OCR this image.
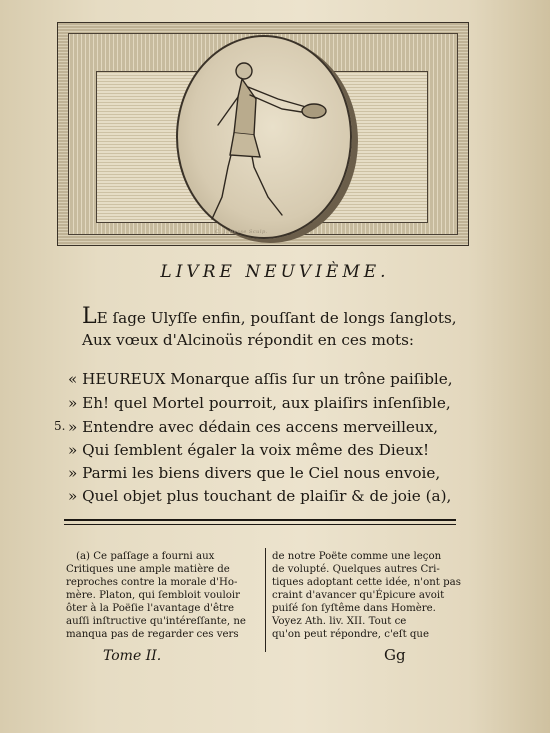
C. J. Besse Sculp.
LIVRE NEUVIÈME.
LE ſage Ulyſſe enfin, pouſſant de longs ſanglots,
Aux vœux d'Alcinoüs répondit en ces mots:
5.
« HEUREUX Monarque aſſis ſur un trône paiſible,
» Eh! quel Mortel pourroit, aux plaiſirs inſenſible,
» Entendre avec dédain ces accens merveilleux,
» Qui ſemblent égaler la voix même des Dieux!
» Parmi les biens divers que le Ciel nous envoie,
» Quel objet plus touchant de plaiſir & de joie (a),
(a) Ce paſſage a fourni aux
Critiques une ample matière de
reproches contre la morale d'Ho-
mère. Platon, qui ſembloit vouloir
ôter à la Poëſie l'avantage d'être
auſſi inſtructive qu'intéreſſante, ne
manqua pas de regarder ces vers
de notre Poëte comme une leçon
de volupté. Quelques autres Cri-
tiques adoptant cette idée, n'ont pas
craint d'avancer qu'Épicure avoit
puiſé ſon ſyſtême dans Homère.
Voyez Ath. liv. XII. Tout ce
qu'on peut répondre, c'eſt que
Tome II.	Gg
